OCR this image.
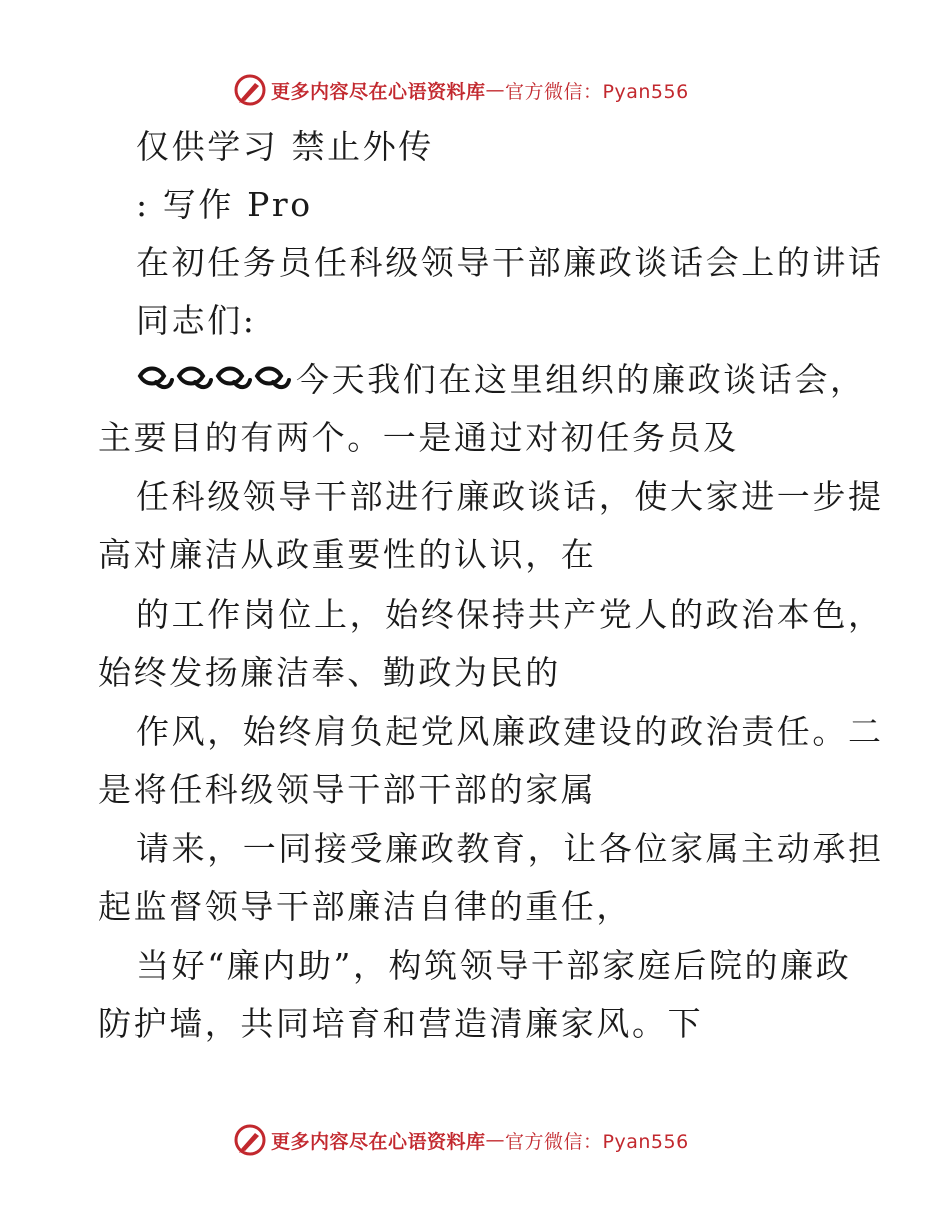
更多内容尽在心语资料库 — 官方微信：Pyan556
仅供学习 禁止外传
: 写作 Pro
在初任务员任科级领导干部廉政谈话会上的讲话
同志们:
今天我们在这里组织的廉政谈话会，
主要目的有两个。一是通过对初任务员及
任科级领导干部进行廉政谈话，使大家进一步提
高对廉洁从政重要性的认识，在
的工作岗位上，始终保持共产党人的政治本色，
始终发扬廉洁奉、勤政为民的
作风，始终肩负起党风廉政建设的政治责任。二
是将任科级领导干部干部的家属
请来，一同接受廉政教育，让各位家属主动承担
起监督领导干部廉洁自律的重任，
当好“廉内助”，构筑领导干部家庭后院的廉政
防护墙，共同培育和营造清廉家风。下
更多内容尽在心语资料库 — 官方微信：Pyan556
